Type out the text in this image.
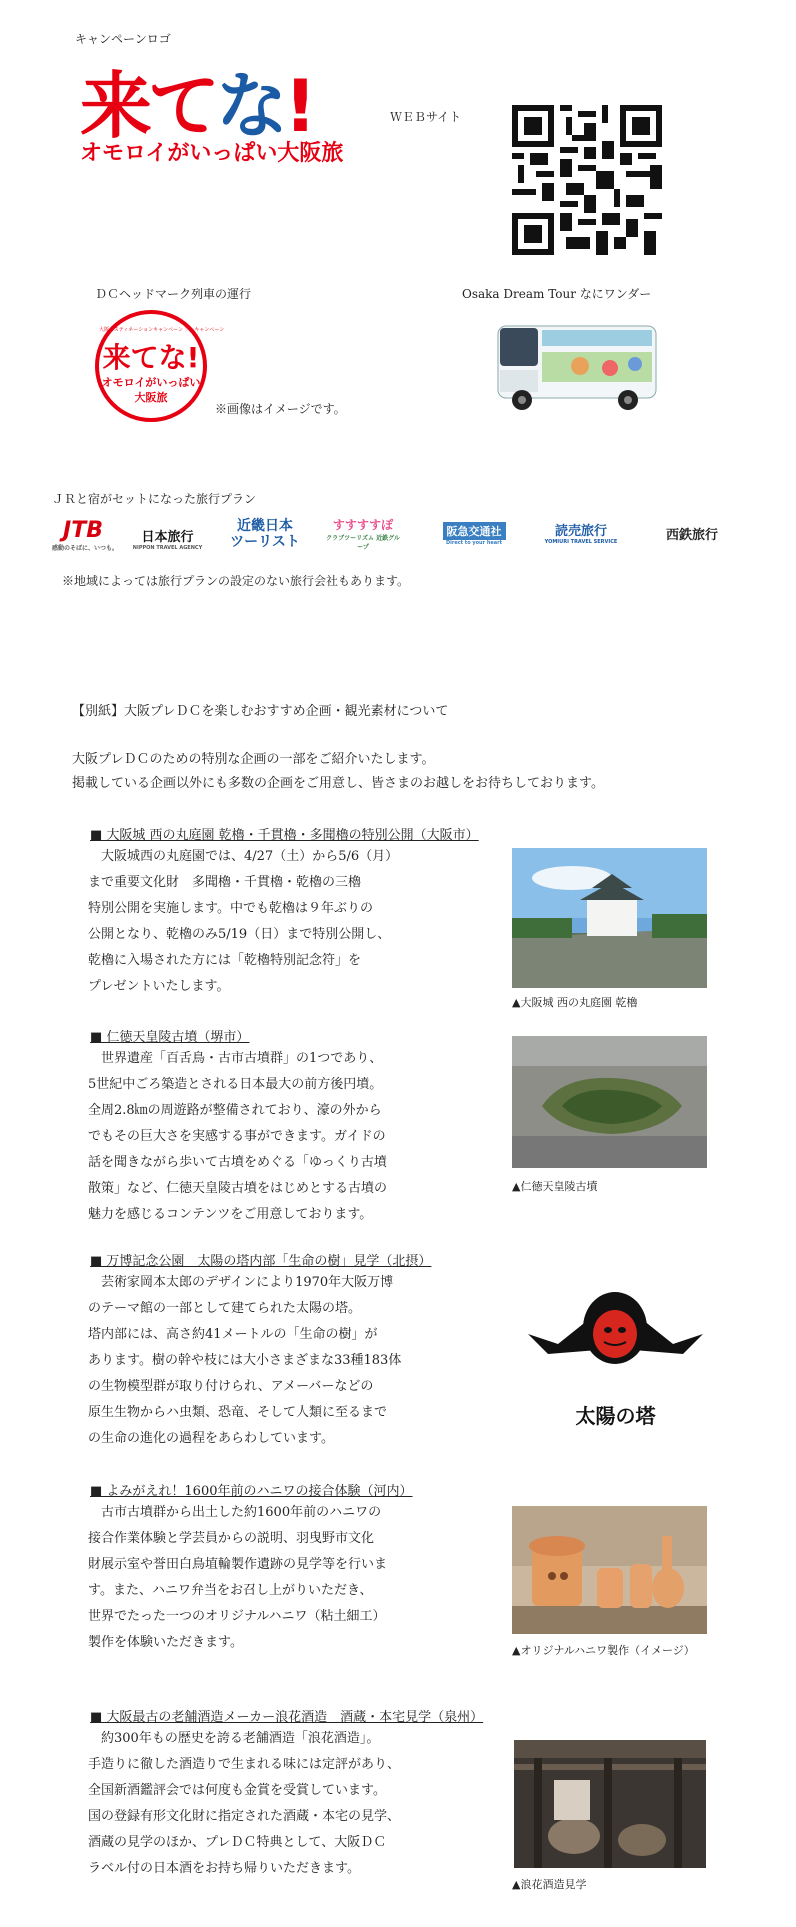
キャンペーンロゴ
来てな!
オモロイがいっぱい大阪旅
ＷＥＢサイト
ＤＣヘッドマーク列車の運行
大阪デスティネーションキャンペーン プレキャンペーン
来てな!
オモロイがいっぱい
大阪旅
※画像はイメージです。
Osaka Dream Tour なにワンダー
ＪＲと宿がセットになった旅行プラン
JTB
感動のそばに、いつも。
日本旅行
NIPPON TRAVEL AGENCY
近畿日本
ツーリスト
すすすすぽ
クラブツーリズム 近鉄グループ
阪急交通社
Direct to your heart
読売旅行
YOMIURI TRAVEL SERVICE	西鉄旅行
※地域によっては旅行プランの設定のない旅行会社もあります。
【別紙】大阪プレＤＣを楽しむおすすめ企画・観光素材について
大阪プレＤＣのための特別な企画の一部をご紹介いたします。
掲載している企画以外にも多数の企画をご用意し、皆さまのお越しをお待ちしております。
■ 大阪城 西の丸庭園 乾櫓・千貫櫓・多聞櫓の特別公開（大阪市）
　大阪城西の丸庭園では、4/27（土）から5/6（月）
まで重要文化財　多聞櫓・千貫櫓・乾櫓の三櫓
特別公開を実施します。中でも乾櫓は９年ぶりの
公開となり、乾櫓のみ5/19（日）まで特別公開し、
乾櫓に入場された方には「乾櫓特別記念符」を
プレゼントいたします。
▲大阪城 西の丸庭園 乾櫓
■ 仁徳天皇陵古墳（堺市）
　世界遺産「百舌鳥・古市古墳群」の1つであり、
5世紀中ごろ築造とされる日本最大の前方後円墳。
全周2.8㎞の周遊路が整備されており、濠の外から
でもその巨大さを実感する事ができます。ガイドの
話を聞きながら歩いて古墳をめぐる「ゆっくり古墳
散策」など、仁徳天皇陵古墳をはじめとする古墳の
魅力を感じるコンテンツをご用意しております。
▲仁徳天皇陵古墳
■ 万博記念公園　太陽の塔内部「生命の樹」見学（北摂）
　芸術家岡本太郎のデザインにより1970年大阪万博
のテーマ館の一部として建てられた太陽の塔。
塔内部には、高さ約41メートルの「生命の樹」が
あります。樹の幹や枝には大小さまざまな33種183体
の生物模型群が取り付けられ、アメーバーなどの
原生生物からハ虫類、恐竜、そして人類に至るまで
の生命の進化の過程をあらわしています。
太陽の塔
■ よみがえれ！1600年前のハニワの接合体験（河内）
　古市古墳群から出土した約1600年前のハニワの
接合作業体験と学芸員からの説明、羽曳野市文化
財展示室や誉田白鳥埴輪製作遺跡の見学等を行いま
す。また、ハニワ弁当をお召し上がりいただき、
世界でたった一つのオリジナルハニワ（粘土細工）
製作を体験いただきます。
▲オリジナルハニワ製作（イメージ）
■ 大阪最古の老舗酒造メーカー浪花酒造　酒蔵・本宅見学（泉州）
　約300年もの歴史を誇る老舗酒造「浪花酒造」。
手造りに徹した酒造りで生まれる味には定評があり、
全国新酒鑑評会では何度も金賞を受賞しています。
国の登録有形文化財に指定された酒蔵・本宅の見学、
酒蔵の見学のほか、プレＤＣ特典として、大阪ＤＣ
ラベル付の日本酒をお持ち帰りいただきます。
▲浪花酒造見学
